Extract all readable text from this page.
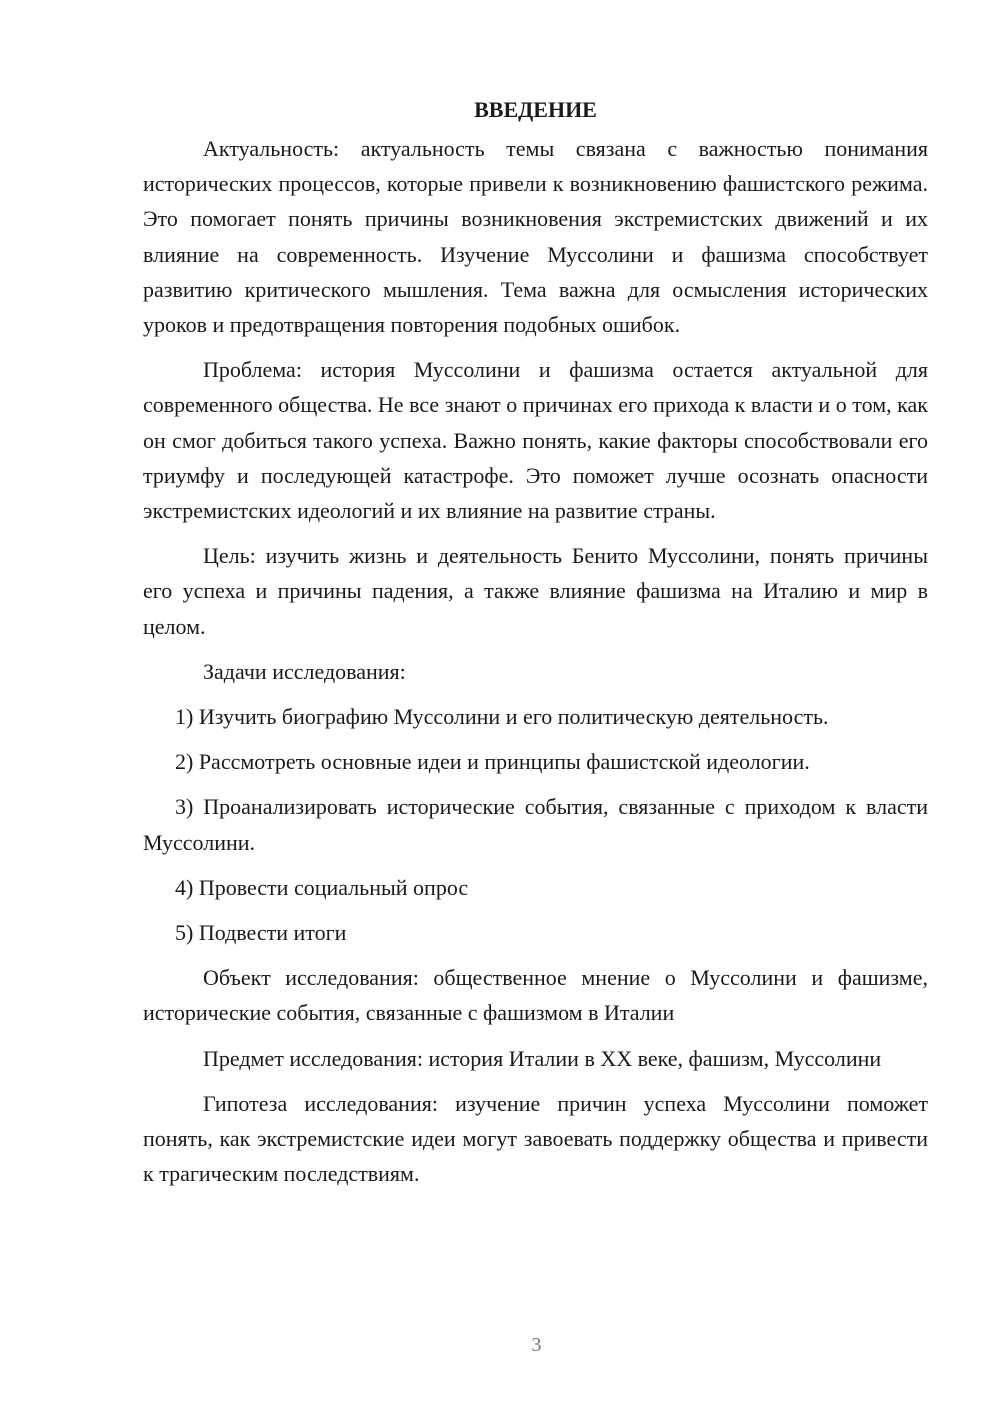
ВВЕДЕНИЕ

Актуальность: актуальность темы связана с важностью понимания исторических процессов, которые привели к возникновению фашистского режима. Это помогает понять причины возникновения экстремистских движений и их влияние на современность. Изучение Муссолини и фашизма способствует развитию критического мышления. Тема важна для осмысления исторических уроков и предотвращения повторения подобных ошибок.

Проблема: история Муссолини и фашизма остается актуальной для современного общества. Не все знают о причинах его прихода к власти и о том, как он смог добиться такого успеха. Важно понять, какие факторы способствовали его триумфу и последующей катастрофе. Это поможет лучше осознать опасности экстремистских идеологий и их влияние на развитие страны.

Цель: изучить жизнь и деятельность Бенито Муссолини, понять причины его успеха и причины падения, а также влияние фашизма на Италию и мир в целом.

Задачи исследования:

1) Изучить биографию Муссолини и его политическую деятельность.

2) Рассмотреть основные идеи и принципы фашистской идеологии.

3) Проанализировать исторические события, связанные с приходом к власти Муссолини.

4) Провести социальный опрос

5) Подвести итоги

Объект исследования: общественное мнение о Муссолини и фашизме, исторические события, связанные с фашизмом в Италии

Предмет исследования: история Италии в XX веке, фашизм, Муссолини

Гипотеза исследования: изучение причин успеха Муссолини поможет понять, как экстремистские идеи могут завоевать поддержку общества и привести к трагическим последствиям.

3
